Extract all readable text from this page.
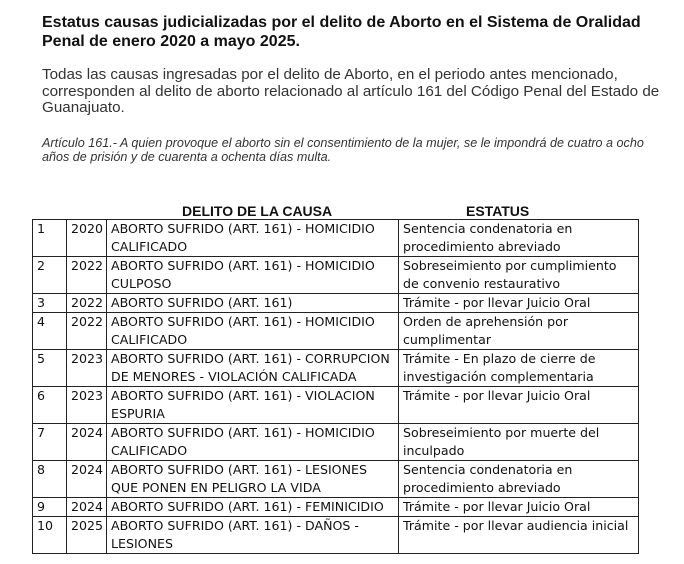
Estatus causas judicializadas por el delito de Aborto en el Sistema de Oralidad Penal de enero 2020 a mayo 2025.
Todas las causas ingresadas por el delito de Aborto, en el periodo antes mencionado, corresponden al delito de aborto relacionado al artículo 161 del Código Penal del Estado de Guanajuato.
Artículo 161.- A quien provoque el aborto sin el consentimiento de la mujer, se le impondrá de cuatro a ocho años de prisión y de cuarenta a ochenta días multa.
DELITO DE LA CAUSA	ESTATUS
1	2020	ABORTO SUFRIDO (ART. 161) - HOMICIDIO CALIFICADO	Sentencia condenatoria en procedimiento abreviado
2	2022	ABORTO SUFRIDO (ART. 161) - HOMICIDIO CULPOSO	Sobreseimiento por cumplimiento de convenio restaurativo
3	2022	ABORTO SUFRIDO (ART. 161)	Trámite - por llevar Juicio Oral
4	2022	ABORTO SUFRIDO (ART. 161) - HOMICIDIO CALIFICADO	Orden de aprehensión por cumplimentar
5	2023	ABORTO SUFRIDO (ART. 161) - CORRUPCION DE MENORES - VIOLACIÓN CALIFICADA	Trámite - En plazo de cierre de investigación complementaria
6	2023	ABORTO SUFRIDO (ART. 161) - VIOLACION ESPURIA	Trámite - por llevar Juicio Oral
7	2024	ABORTO SUFRIDO (ART. 161) - HOMICIDIO CALIFICADO	Sobreseimiento por muerte del inculpado
8	2024	ABORTO SUFRIDO (ART. 161) - LESIONES QUE PONEN EN PELIGRO LA VIDA	Sentencia condenatoria en procedimiento abreviado
9	2024	ABORTO SUFRIDO (ART. 161) - FEMINICIDIO	Trámite - por llevar Juicio Oral
10	2025	ABORTO SUFRIDO (ART. 161) - DAÑOS - LESIONES	Trámite - por llevar audiencia inicial
